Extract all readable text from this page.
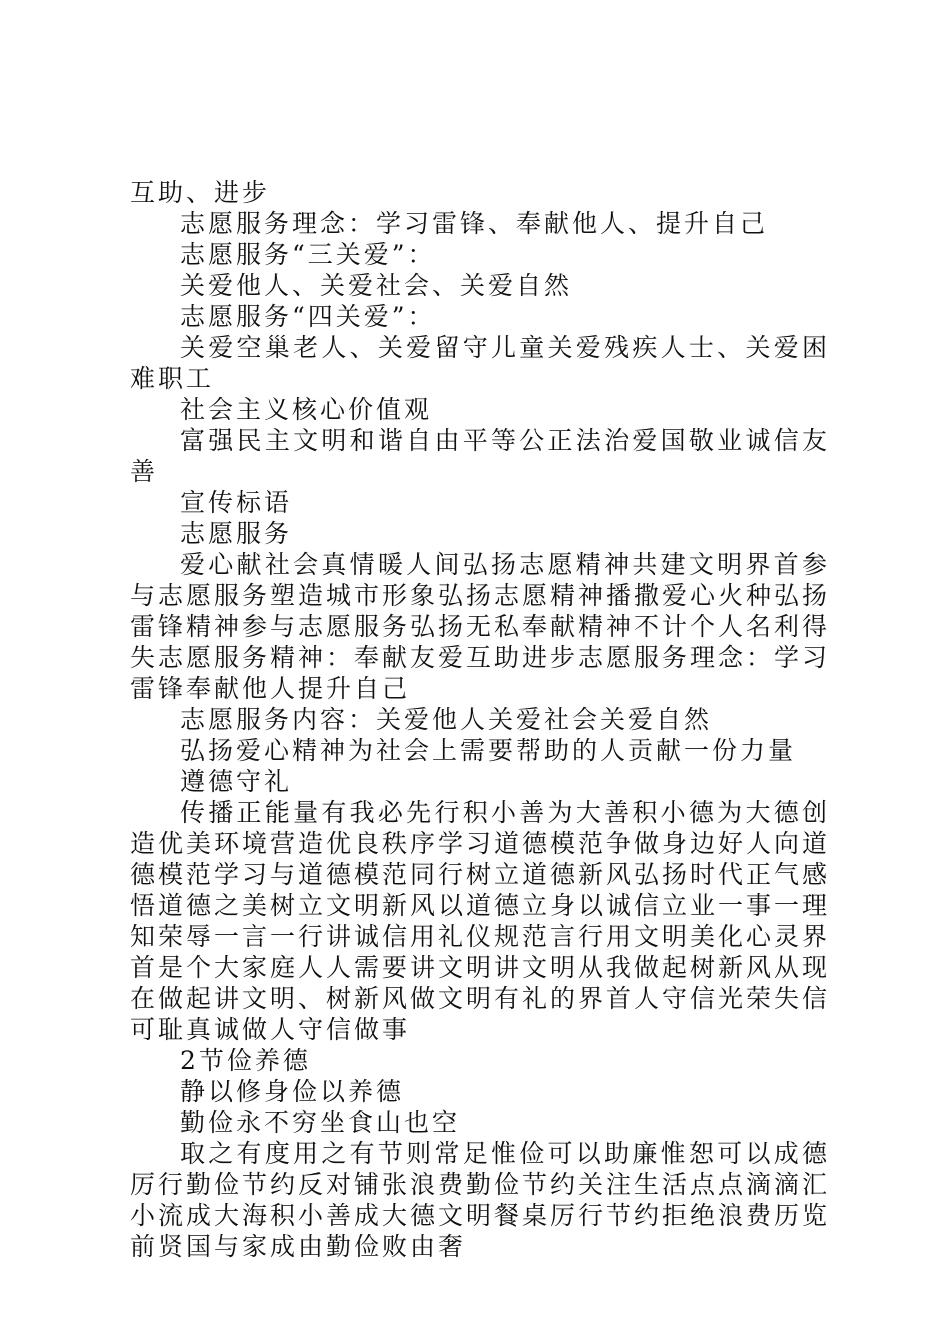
互助、进步

志愿服务理念：学习雷锋、奉献他人、提升自己

志愿服务“三关爱”：

关爱他人、关爱社会、关爱自然

志愿服务“四关爱”：

关爱空巢老人、关爱留守儿童关爱残疾人士、关爱困难职工

社会主义核心价值观

富强民主文明和谐自由平等公正法治爱国敬业诚信友善

宣传标语

志愿服务

爱心献社会真情暖人间弘扬志愿精神共建文明界首参与志愿服务塑造城市形象弘扬志愿精神播撒爱心火种弘扬雷锋精神参与志愿服务弘扬无私奉献精神不计个人名利得失志愿服务精神：奉献友爱互助进步志愿服务理念：学习雷锋奉献他人提升自己

志愿服务内容：关爱他人关爱社会关爱自然

弘扬爱心精神为社会上需要帮助的人贡献一份力量

遵德守礼

传播正能量有我必先行积小善为大善积小德为大德创造优美环境营造优良秩序学习道德模范争做身边好人向道德模范学习与道德模范同行树立道德新风弘扬时代正气感悟道德之美树立文明新风以道德立身以诚信立业一事一理知荣辱一言一行讲诚信用礼仪规范言行用文明美化心灵界首是个大家庭人人需要讲文明讲文明从我做起树新风从现在做起讲文明、树新风做文明有礼的界首人守信光荣失信可耻真诚做人守信做事

2节俭养德

静以修身俭以养德

勤俭永不穷坐食山也空

取之有度用之有节则常足惟俭可以助廉惟恕可以成德厉行勤俭节约反对铺张浪费勤俭节约关注生活点点滴滴汇小流成大海积小善成大德文明餐桌厉行节约拒绝浪费历览前贤国与家成由勤俭败由奢
